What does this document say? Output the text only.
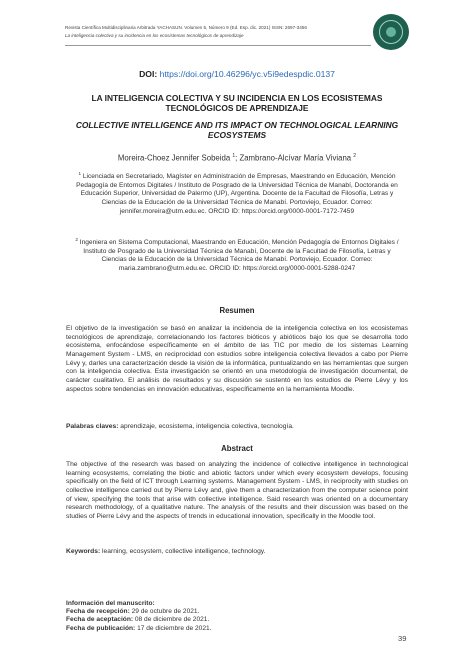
Revista Científica Multidisciplinaria Arbitrada YACHASUN. Volumen 5, Número 9 (Ed. Esp. dic. 2021) ISSN: 2697-3456
La inteligencia colectiva y su incidencia en los ecosistemas tecnológicos de aprendizaje
DOI: https://doi.org/10.46296/yc.v5i9edespdic.0137
LA INTELIGENCIA COLECTIVA Y SU INCIDENCIA EN LOS ECOSISTEMAS TECNOLÓGICOS DE APRENDIZAJE
COLLECTIVE INTELLIGENCE AND ITS IMPACT ON TECHNOLOGICAL LEARNING ECOSYSTEMS
Moreira-Choez Jennifer Sobeida $^1$; Zambrano-Alcívar María Viviana $^2$
$^1$ Licenciada en Secretariado, Magíster en Administración de Empresas, Maestrando en Educación, Mención Pedagogía de Entornos Digitales / Instituto de Posgrado de la Universidad Técnica de Manabí, Doctoranda en Educación Superior, Universidad de Palermo (UP), Argentina. Docente de la Facultad de Filosofía, Letras y Ciencias de la Educación de la Universidad Técnica de Manabí. Portoviejo, Ecuador. Correo: jennifer.moreira@utm.edu.ec. ORCID ID: https://orcid.org/0000-0001-7172-7459
$^2$ Ingeniera en Sistema Computacional, Maestrando en Educación, Mención Pedagogía de Entornos Digitales / Instituto de Posgrado de la Universidad Técnica de Manabí, Docente de la Facultad de Filosofía, Letras y Ciencias de la Educación de la Universidad Técnica de Manabí. Portoviejo, Ecuador. Correo: maria.zambrano@utm.edu.ec. ORCID ID: https://orcid.org/0000-0001-5288-0247
Resumen
El objetivo de la investigación se basó en analizar la incidencia de la inteligencia colectiva en los ecosistemas tecnológicos de aprendizaje, correlacionando los factores bióticos y abióticos bajo los que se desarrolla todo ecosistema, enfocándose específicamente en el ámbito de las TIC por medio de los sistemas Learning Management System - LMS, en reciprocidad con estudios sobre inteligencia colectiva llevados a cabo por Pierre Lévy y, darles una caracterización desde la visión de la informática, puntualizando en las herramientas que surgen con la inteligencia colectiva. Esta investigación se orientó en una metodología de investigación documental, de carácter cualitativo. El análisis de resultados y su discusión se sustentó en los estudios de Pierre Lévy y los aspectos sobre tendencias en innovación educativas, específicamente en la herramienta Moodle.
Palabras claves: aprendizaje, ecosistema, inteligencia colectiva, tecnología.
Abstract
The objective of the research was based on analyzing the incidence of collective intelligence in technological learning ecosystems, correlating the biotic and abiotic factors under which every ecosystem develops, focusing specifically on the field of ICT through Learning systems. Management System - LMS, in reciprocity with studies on collective intelligence carried out by Pierre Lévy and, give them a characterization from the computer science point of view, specifying the tools that arise with collective intelligence. Said research was oriented on a documentary research methodology, of a qualitative nature. The analysis of the results and their discussion was based on the studies of Pierre Lévy and the aspects of trends in educational innovation, specifically in the Moodle tool.
Keywords: learning, ecosystem, collective intelligence, technology.
Información del manuscrito:
Fecha de recepción: 29 de octubre de 2021.
Fecha de aceptación: 08 de diciembre de 2021.
Fecha de publicación: 17 de diciembre de 2021.
39
